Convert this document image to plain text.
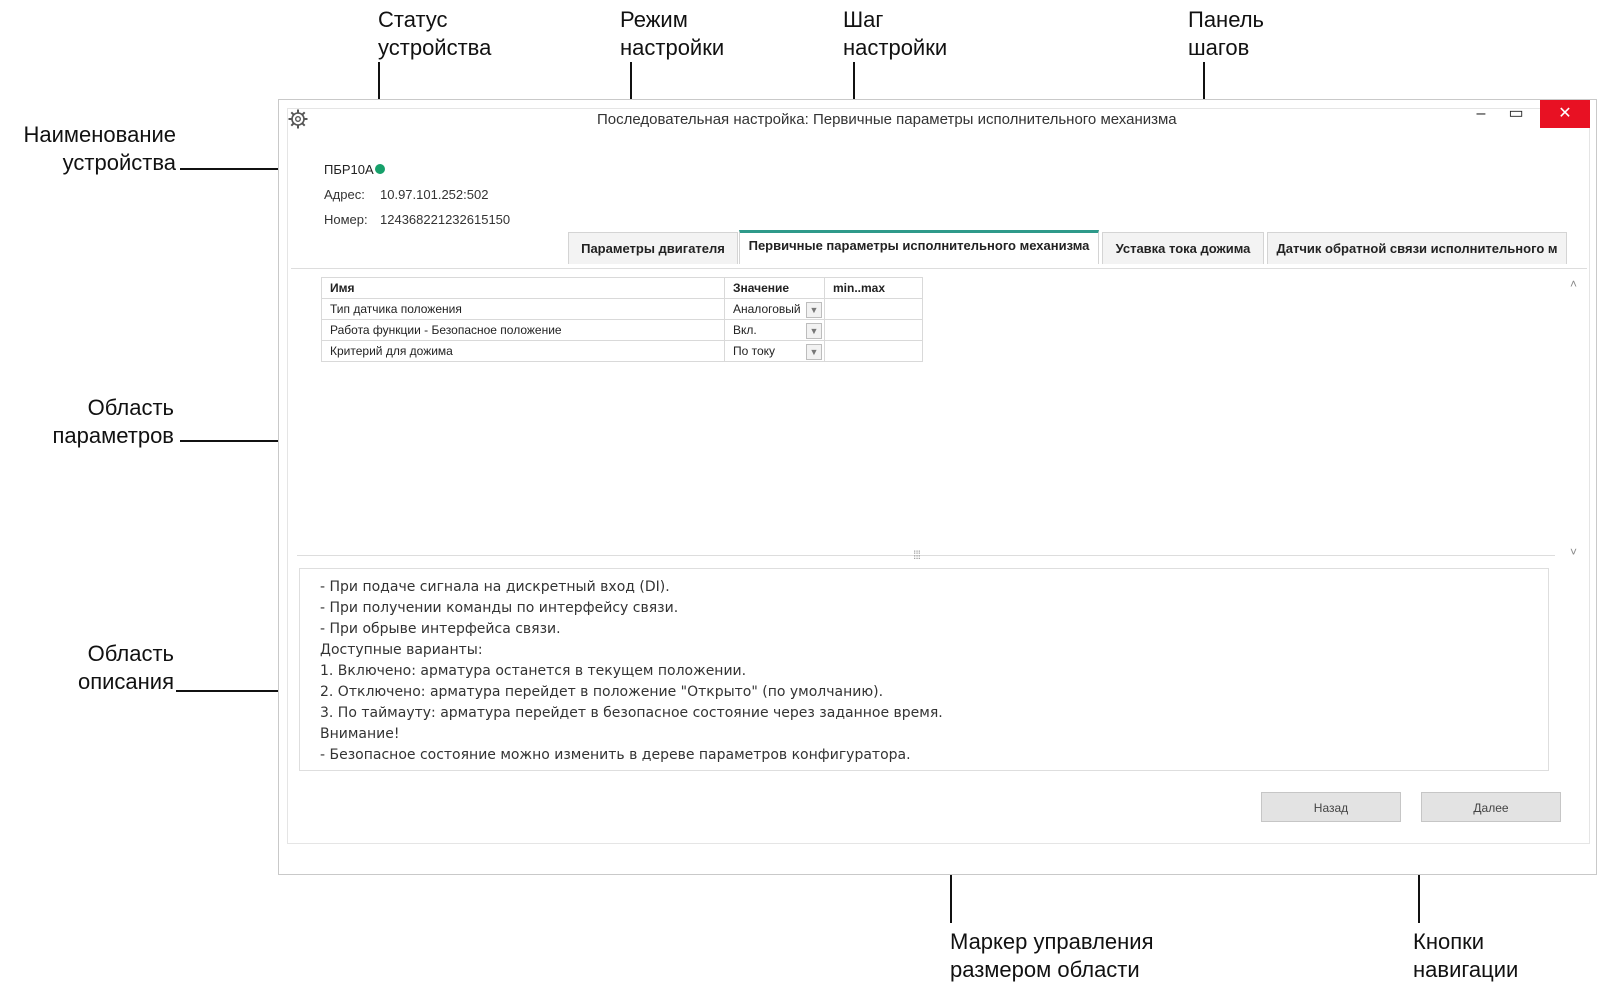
Статус
устройства
Режим
настройки
Шаг
настройки
Панель
шагов
Наименование
устройства
Область
параметров
Область
описания
Маркер управления
размером области
Кнопки
навигации
Последовательная настройка: Первичные параметры исполнительного механизма	–	▭	✕
ПБР10А
Адрес: 10.97.101.252:502
Номер: 124368221232615150
Параметры двигателя	Первичные параметры исполнительного механизма	Уставка тока дожима	Датчик обратной связи исполнительного м
Имя	Значение	min..max
Тип датчика положения	Аналоговый ▼	

Работа функции - Безопасное положение	Вкл. ▼	

Критерий для дожима	По току ▼	

˄
˅
⁞⁞⁞
- При подаче сигнала на дискретный вход (DI).
- При получении команды по интерфейсу связи.
- При обрыве интерфейса связи.
Доступные варианты:
1. Включено: арматура останется в текущем положении.
2. Отключено: арматура перейдет в положение "Открыто" (по умолчанию).
3. По таймауту: арматура перейдет в безопасное состояние через заданное время.
Внимание!
- Безопасное состояние можно изменить в дереве параметров конфигуратора.
Назад	Далее
